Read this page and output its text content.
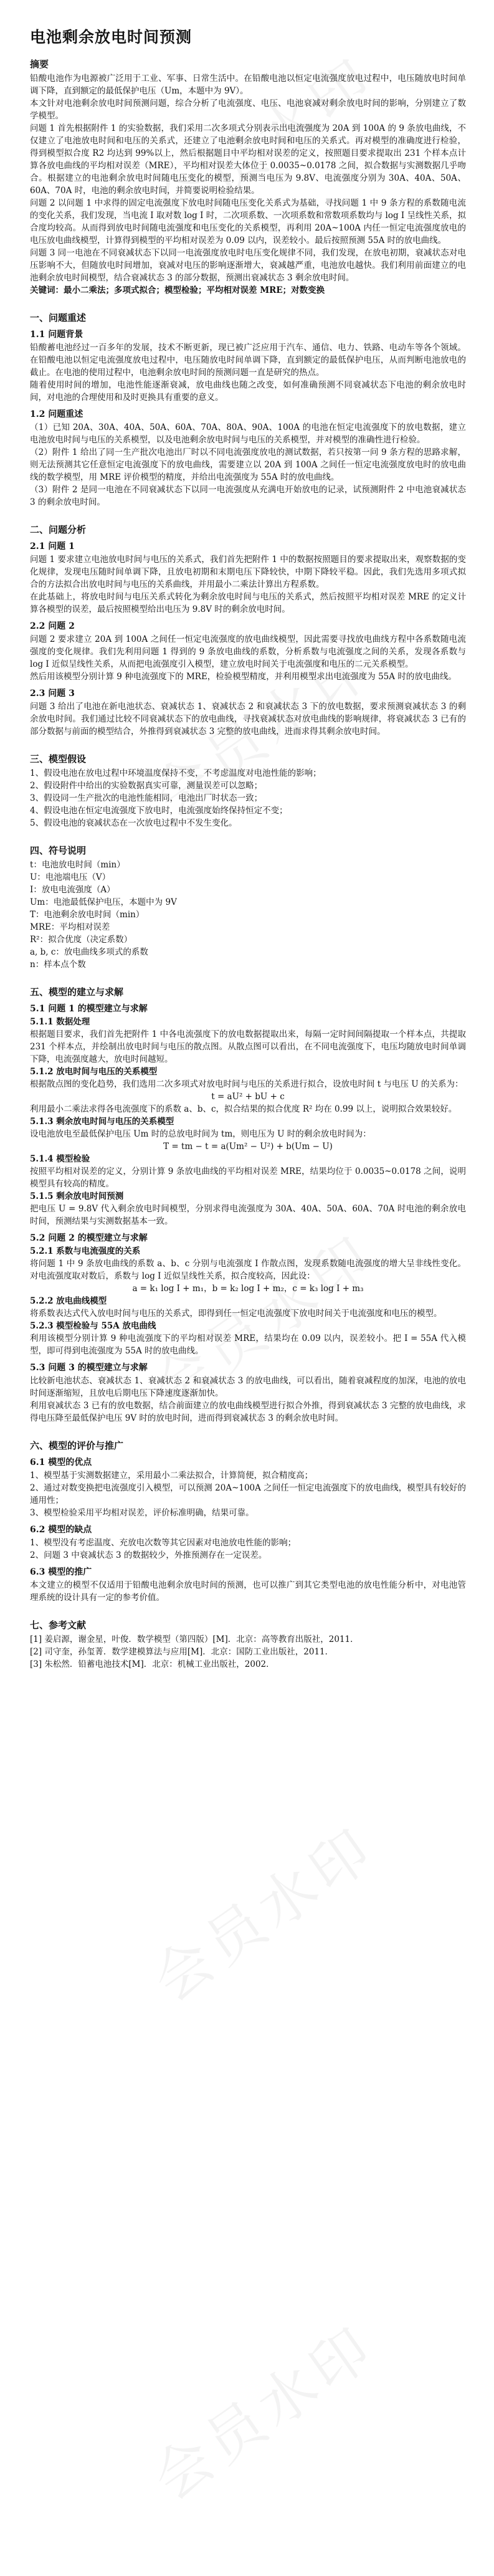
电池剩余放电时间预测
摘要

铅酸电池作为电源被广泛用于工业、军事、日常生活中。在铅酸电池以恒定电流强度放电过程中，电压随放电时间单调下降，直到额定的最低保护电压（Um，本题中为 9V）。

本文针对电池剩余放电时间预测问题，综合分析了电流强度、电压、电池衰减对剩余放电时间的影响，分别建立了数学模型。

问题 1 首先根据附件 1 的实验数据，我们采用二次多项式分别表示出电流强度为 20A 到 100A 的 9 条放电曲线，不仅建立了电池放电时间和电压的关系式，还建立了电池剩余放电时间和电压的关系式。再对模型的准确度进行检验，得到模型拟合度 R2 均达到 99%以上，然后根据题目中平均相对误差的定义，按照题目要求提取出 231 个样本点计算各放电曲线的平均相对误差（MRE），平均相对误差大体位于 0.0035~0.0178 之间，拟合数据与实测数据几乎吻合。根据建立的电池剩余放电时间随电压变化的模型，预测当电压为 9.8V、电流强度分别为 30A、40A、50A、60A、70A 时，电池的剩余放电时间，并简要说明检验结果。

问题 2 以问题 1 中求得的固定电流强度下放电时间随电压变化关系式为基础，寻找问题 1 中 9 条方程的系数随电流的变化关系，我们发现，当电流 I 取对数 log I 时，二次项系数、一次项系数和常数项系数均与 log I 呈线性关系，拟合度均较高。从而得到放电时间随电流强度和电压变化的关系模型，再利用 20A~100A 内任一恒定电流强度放电的电压放电曲线模型，计算得到模型的平均相对误差为 0.09 以内，误差较小。最后按照预测 55A 时的放电曲线。

问题 3 同一电池在不同衰减状态下以同一电流强度放电时电压变化规律不同，我们发现，在放电初期，衰减状态对电压影响不大，但随放电时间增加，衰减对电压的影响逐渐增大，衰减越严重，电池放电越快。我们利用前面建立的电池剩余放电时间模型，结合衰减状态 3 的部分数据，预测出衰减状态 3 剩余放电时间。

关键词：最小二乘法；多项式拟合；模型检验；平均相对误差 MRE；对数变换

一、问题重述
1.1 问题背景

铅酸蓄电池经过一百多年的发展，技术不断更新，现已被广泛应用于汽车、通信、电力、铁路、电动车等各个领域。在铅酸电池以恒定电流强度放电过程中，电压随放电时间单调下降，直到额定的最低保护电压，从而判断电池放电的截止。在电池的使用过程中，电池剩余放电时间的预测问题一直是研究的热点。

随着使用时间的增加，电池性能逐渐衰减，放电曲线也随之改变，如何准确预测不同衰减状态下电池的剩余放电时间，对电池的合理使用和及时更换具有重要的意义。

1.2 问题重述

（1）已知 20A、30A、40A、50A、60A、70A、80A、90A、100A 的电池在恒定电流强度下的放电数据，建立电池放电时间与电压的关系模型，以及电池剩余放电时间与电压的关系模型，并对模型的准确性进行检验。

（2）附件 1 给出了同一生产批次电池出厂时以不同电流强度放电的测试数据，若只按第一问 9 条方程的思路求解，则无法预测其它任意恒定电流强度下的放电曲线，需要建立以 20A 到 100A 之间任一恒定电流强度放电时的放电曲线的数学模型，用 MRE 评价模型的精度，并给出电流强度为 55A 时的放电曲线。

（3）附件 2 是同一电池在不同衰减状态下以同一电流强度从充满电开始放电的记录，试预测附件 2 中电池衰减状态 3 的剩余放电时间。

二、问题分析
2.1 问题 1

问题 1 要求建立电池放电时间与电压的关系式，我们首先把附件 1 中的数据按照题目的要求提取出来，观察数据的变化规律，发现电压随时间单调下降，且放电初期和末期电压下降较快，中期下降较平稳。因此，我们先选用多项式拟合的方法拟合出放电时间与电压的关系曲线，并用最小二乘法计算出方程系数。

在此基础上，将放电时间与电压关系式转化为剩余放电时间与电压的关系式，然后按照平均相对误差 MRE 的定义计算各模型的误差，最后按照模型给出电压为 9.8V 时的剩余放电时间。

2.2 问题 2

问题 2 要求建立 20A 到 100A 之间任一恒定电流强度的放电曲线模型，因此需要寻找放电曲线方程中各系数随电流强度的变化规律。我们先利用问题 1 得到的 9 条放电曲线的系数，分析系数与电流强度之间的关系，发现各系数与 log I 近似呈线性关系，从而把电流强度引入模型，建立放电时间关于电流强度和电压的二元关系模型。

然后用该模型分别计算 9 种电流强度下的 MRE，检验模型精度，并利用模型求出电流强度为 55A 时的放电曲线。

2.3 问题 3

问题 3 给出了电池在新电池状态、衰减状态 1、衰减状态 2 和衰减状态 3 下的放电数据，要求预测衰减状态 3 的剩余放电时间。我们通过比较不同衰减状态下的放电曲线，寻找衰减状态对放电曲线的影响规律，将衰减状态 3 已有的部分数据与前面的模型结合，外推得到衰减状态 3 完整的放电曲线，进而求得其剩余放电时间。

三、模型假设

1、假设电池在放电过程中环境温度保持不变，不考虑温度对电池性能的影响；

2、假设附件中给出的实验数据真实可靠，测量误差可以忽略；

3、假设同一生产批次的电池性能相同，电池出厂时状态一致；

4、假设电池在恒定电流强度下放电时，电流强度始终保持恒定不变；

5、假设电池的衰减状态在一次放电过程中不发生变化。

四、符号说明

t：电池放电时间（min）

U：电池端电压（V）

I：放电电流强度（A）

Um：电池最低保护电压，本题中为 9V

T：电池剩余放电时间（min）

MRE：平均相对误差

R²：拟合优度（决定系数）

a, b, c：放电曲线多项式的系数

n：样本点个数

五、模型的建立与求解
5.1 问题 1 的模型建立与求解

5.1.1 数据处理

根据题目要求，我们首先把附件 1 中各电流强度下的放电数据提取出来，每隔一定时间间隔提取一个样本点，共提取 231 个样本点，并绘制出放电时间与电压的散点图。从散点图可以看出，在不同电流强度下，电压均随放电时间单调下降，电流强度越大，放电时间越短。

5.1.2 放电时间与电压的关系模型

根据散点图的变化趋势，我们选用二次多项式对放电时间与电压的关系进行拟合，设放电时间 t 与电压 U 的关系为：

t = aU² + bU + c

利用最小二乘法求得各电流强度下的系数 a、b、c，拟合结果的拟合优度 R² 均在 0.99 以上，说明拟合效果较好。

5.1.3 剩余放电时间与电压的关系模型

设电池放电至最低保护电压 Um 时的总放电时间为 tm，则电压为 U 时的剩余放电时间为：

T = tm − t = a(Um² − U²) + b(Um − U)

5.1.4 模型检验

按照平均相对误差的定义，分别计算 9 条放电曲线的平均相对误差 MRE，结果均位于 0.0035~0.0178 之间，说明模型具有较高的精度。

5.1.5 剩余放电时间预测

把电压 U = 9.8V 代入剩余放电时间模型，分别求得电流强度为 30A、40A、50A、60A、70A 时电池的剩余放电时间，预测结果与实测数据基本一致。

5.2 问题 2 的模型建立与求解

5.2.1 系数与电流强度的关系

将问题 1 中 9 条放电曲线的系数 a、b、c 分别与电流强度 I 作散点图，发现系数随电流强度的增大呈非线性变化。对电流强度取对数后，系数与 log I 近似呈线性关系，拟合度较高，因此设：

a = k₁ log I + m₁，b = k₂ log I + m₂，c = k₃ log I + m₃

5.2.2 放电曲线模型

将系数表达式代入放电时间与电压的关系式，即得到任一恒定电流强度下放电时间关于电流强度和电压的模型。

5.2.3 模型检验与 55A 放电曲线

利用该模型分别计算 9 种电流强度下的平均相对误差 MRE，结果均在 0.09 以内，误差较小。把 I = 55A 代入模型，即可得到电流强度为 55A 时的放电曲线。

5.3 问题 3 的模型建立与求解

比较新电池状态、衰减状态 1、衰减状态 2 和衰减状态 3 的放电曲线，可以看出，随着衰减程度的加深，电池的放电时间逐渐缩短，且放电后期电压下降速度逐渐加快。

利用衰减状态 3 已有的放电数据，结合前面建立的放电曲线模型进行拟合外推，得到衰减状态 3 完整的放电曲线，求得电压降至最低保护电压 9V 时的放电时间，进而得到衰减状态 3 的剩余放电时间。

六、模型的评价与推广
6.1 模型的优点

1、模型基于实测数据建立，采用最小二乘法拟合，计算简便，拟合精度高；

2、通过对数变换把电流强度引入模型，可以预测 20A~100A 之间任一恒定电流强度下的放电曲线，模型具有较好的通用性；

3、模型检验采用平均相对误差，评价标准明确，结果可靠。

6.2 模型的缺点

1、模型没有考虑温度、充放电次数等其它因素对电池放电性能的影响；

2、问题 3 中衰减状态 3 的数据较少，外推预测存在一定误差。

6.3 模型的推广

本文建立的模型不仅适用于铅酸电池剩余放电时间的预测，也可以推广到其它类型电池的放电性能分析中，对电池管理系统的设计具有一定的参考价值。

七、参考文献

[1] 姜启源，谢金星，叶俊．数学模型（第四版）[M]．北京：高等教育出版社，2011．

[2] 司守奎，孙玺菁．数学建模算法与应用[M]．北京：国防工业出版社，2011．

[3] 朱松然．铅蓄电池技术[M]．北京：机械工业出版社，2002．
